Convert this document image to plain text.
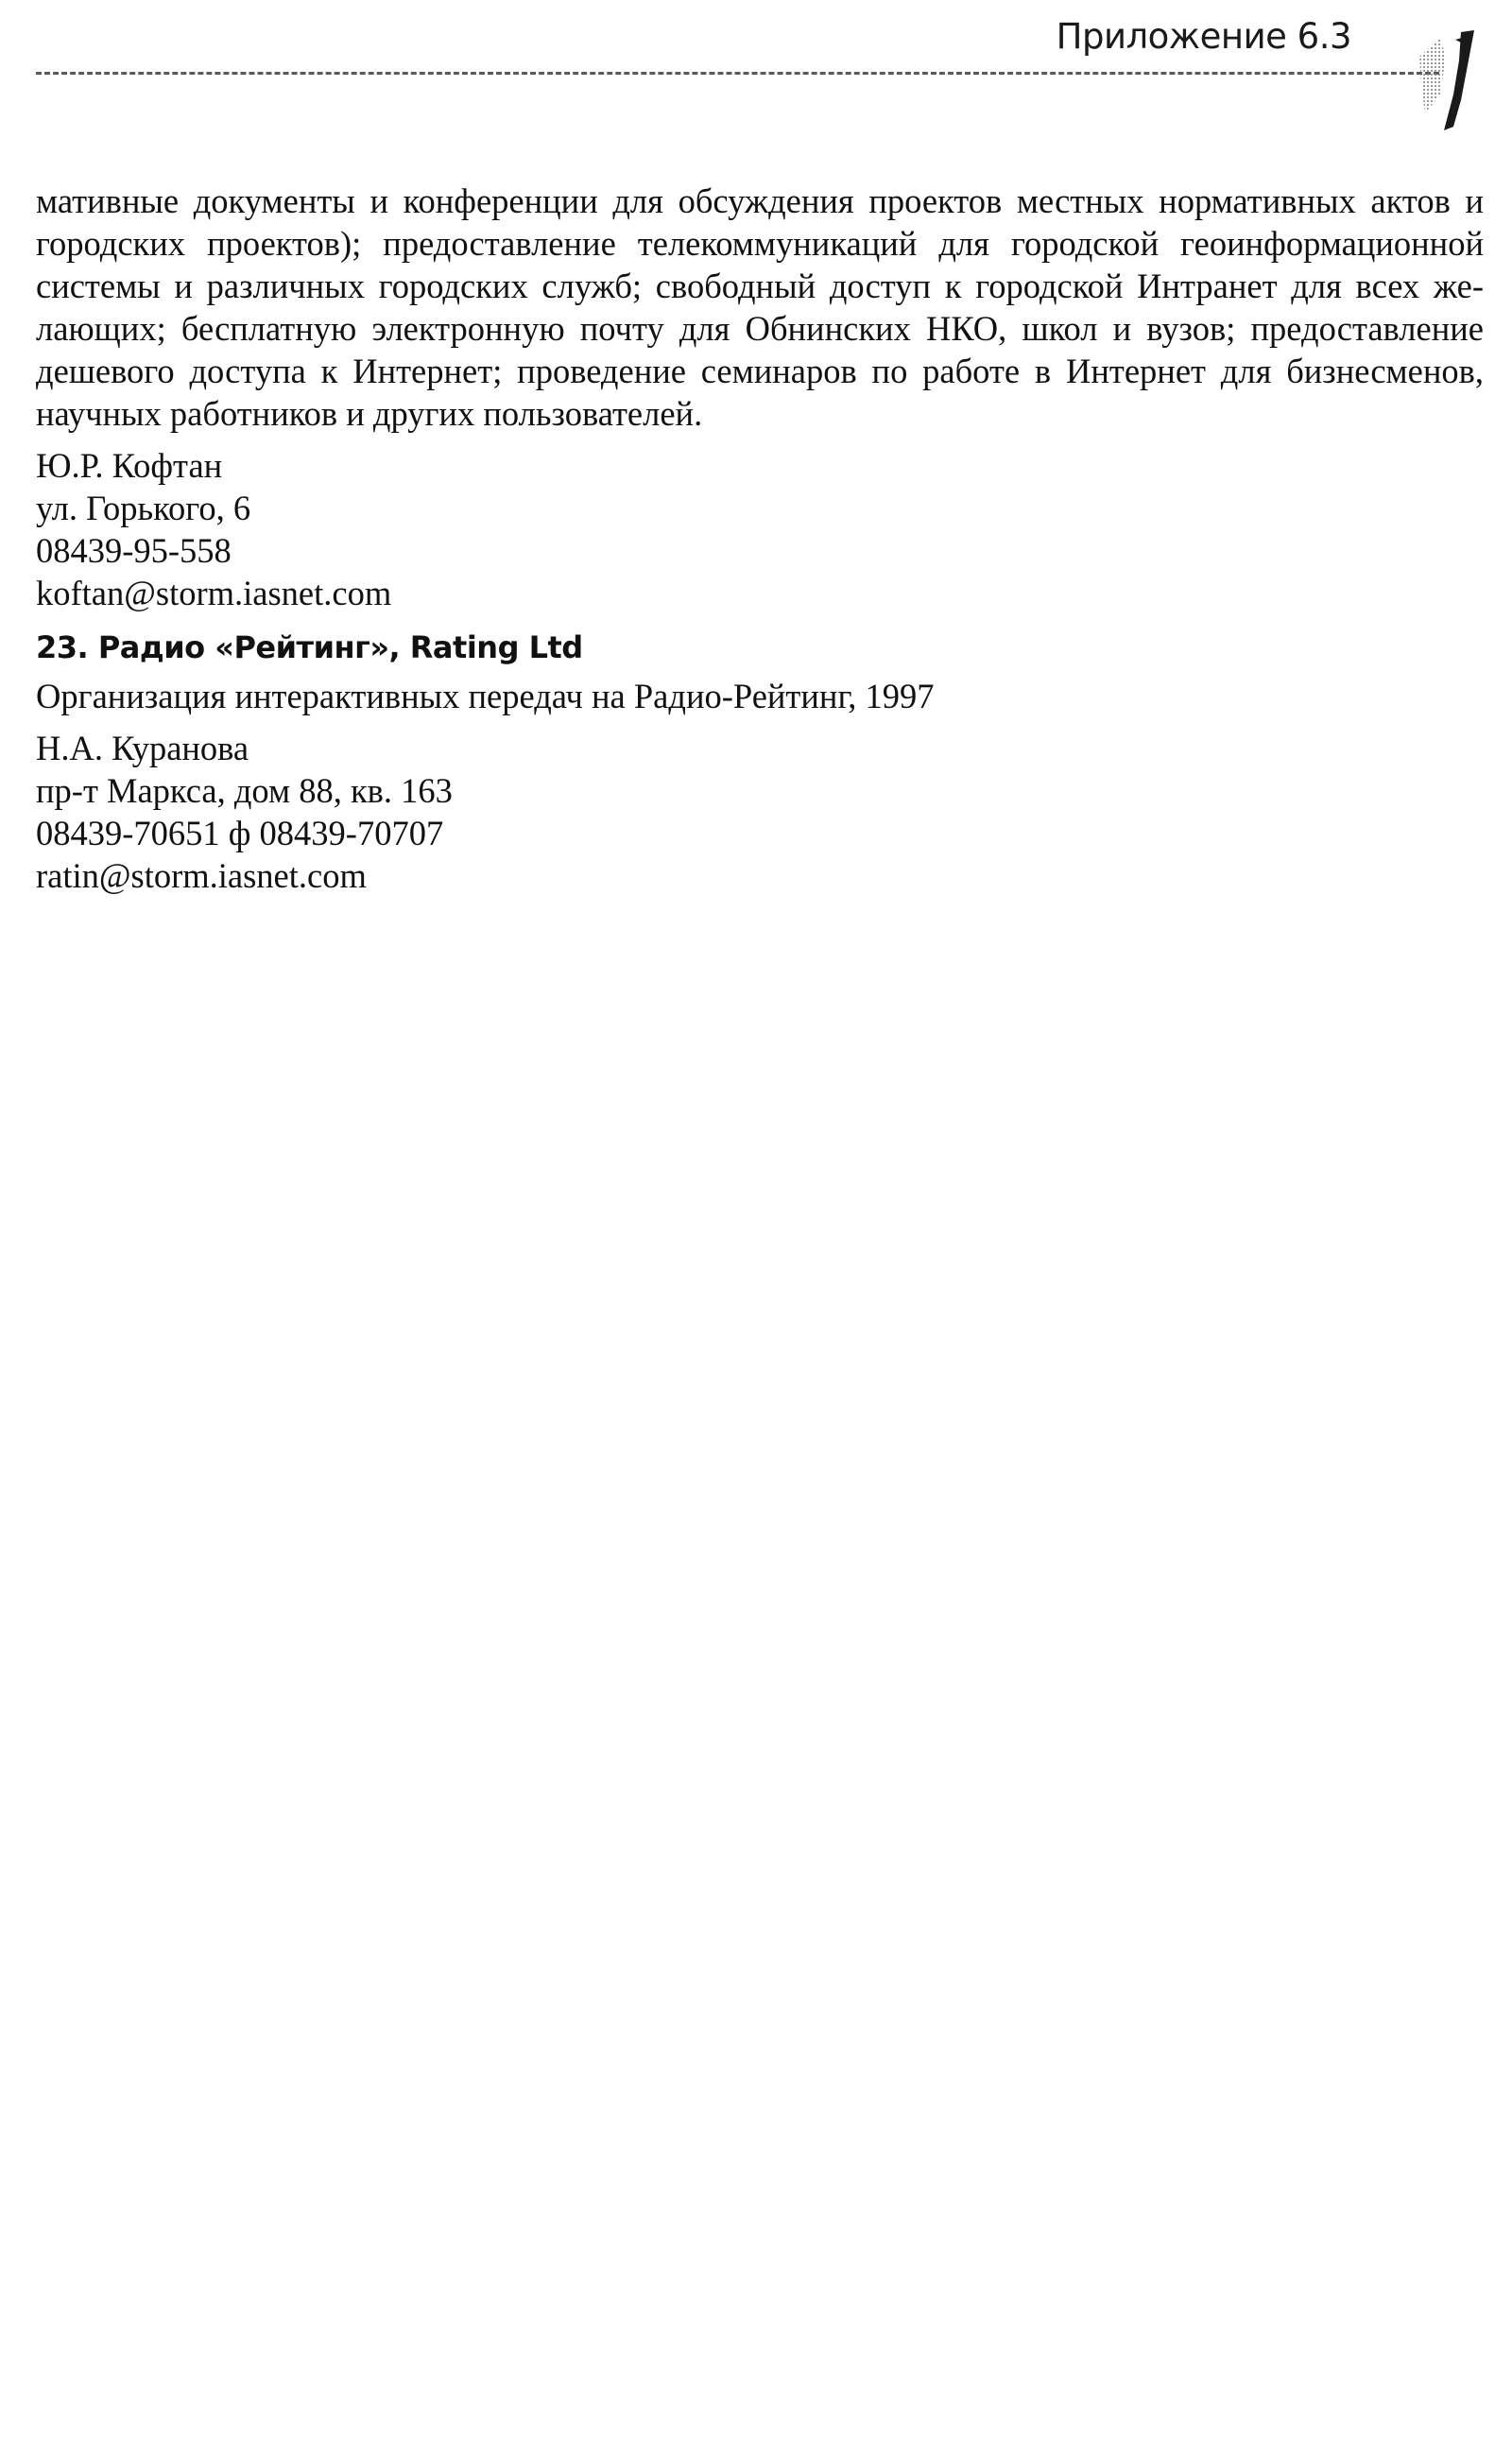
Приложение 6.3

мативные документы и конференции для обсуждения проектов местных нормативных актов и городских проектов); предоставление телекоммуникаций для городской геоинформационной системы и различных городских служб; свободный доступ к городской Интранет для всех желающих; бесплатную электронную почту для Обнинских НКО, школ и вузов; предоставлениe дешевого доступа к Интернет; проведение семинаров по работе в Интернет для бизнесменов, научных работников и других пользователей.

Ю.Р. Кофтан
ул. Горького, 6
08439-95-558
koftan@storm.iasnet.com
23. Радио «Рейтинг», Rating Ltd

Организация интерактивных передач на Радио-Рейтинг, 1997

Н.А. Куранова
пр-т Маркса, дом 88, кв. 163
08439-70651 ф 08439-70707
ratin@storm.iasnet.com
